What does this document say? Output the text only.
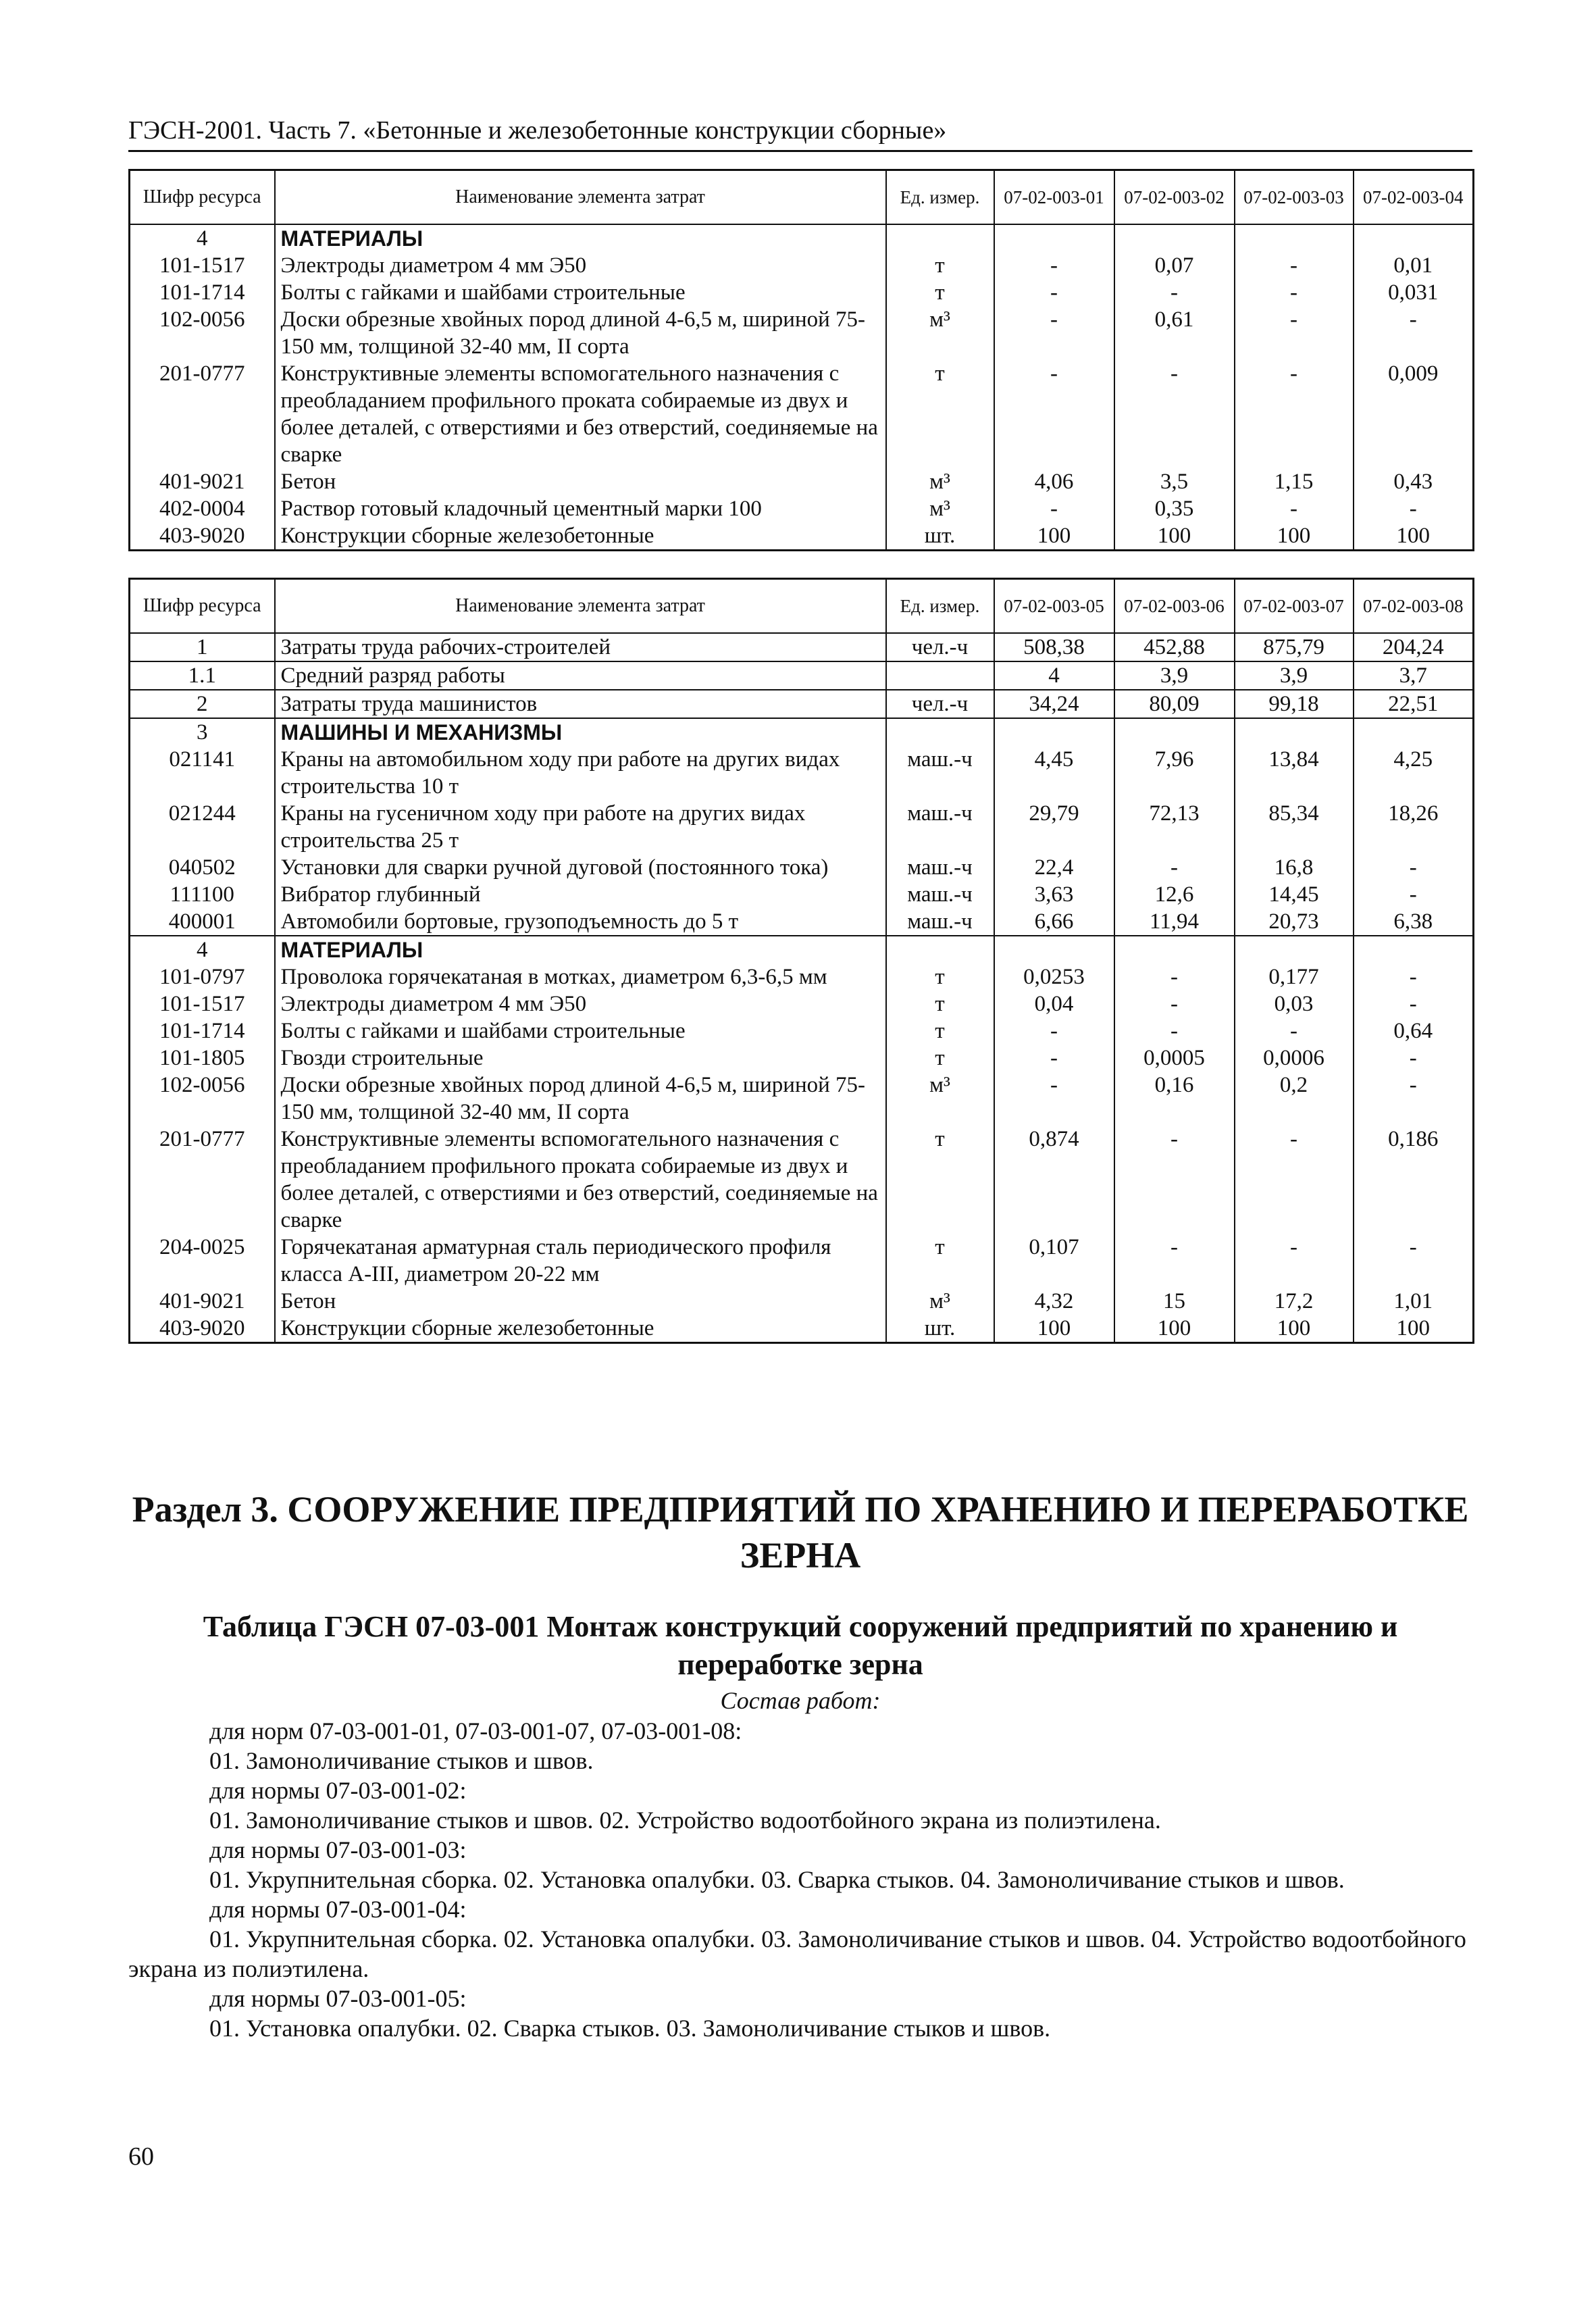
ГЭСН-2001. Часть 7. «Бетонные и железобетонные конструкции сборные»
Шифр ресурса	Наименование элемента затрат	Ед. измер.	07-02-003-01	07-02-003-02	07-02-003-03	07-02-003-04
4	МАТЕРИАЛЫ					
101-1517	Электроды диаметром 4 мм Э50	т	-	0,07	-	0,01
101-1714	Болты с гайками и шайбами строительные	т	-	-	-	0,031
102-0056	Доски обрезные хвойных пород длиной 4-6,5 м, шириной 75-150 мм, толщиной 32-40 мм, II сорта	м³	-	0,61	-	-
201-0777	Конструктивные элементы вспомогательного назначения с преобладанием профильного проката собираемые из двух и более деталей, с отверстиями и без отверстий, соединяемые на сварке	т	-	-	-	0,009
401-9021	Бетон	м³	4,06	3,5	1,15	0,43
402-0004	Раствор готовый кладочный цементный марки 100	м³	-	0,35	-	-
403-9020	Конструкции сборные железобетонные	шт.	100	100	100	100
Шифр ресурса	Наименование элемента затрат	Ед. измер.	07-02-003-05	07-02-003-06	07-02-003-07	07-02-003-08
1	Затраты труда рабочих-строителей	чел.-ч	508,38	452,88	875,79	204,24
1.1	Средний разряд работы		4	3,9	3,9	3,7
2	Затраты труда машинистов	чел.-ч	34,24	80,09	99,18	22,51
3	МАШИНЫ И МЕХАНИЗМЫ					
021141	Краны на автомобильном ходу при работе на других видах строительства 10 т	маш.-ч	4,45	7,96	13,84	4,25
021244	Краны на гусеничном ходу при работе на других видах строительства 25 т	маш.-ч	29,79	72,13	85,34	18,26
040502	Установки для сварки ручной дуговой (постоянного тока)	маш.-ч	22,4	-	16,8	-
111100	Вибратор глубинный	маш.-ч	3,63	12,6	14,45	-
400001	Автомобили бортовые, грузоподъемность до 5 т	маш.-ч	6,66	11,94	20,73	6,38
4	МАТЕРИАЛЫ					
101-0797	Проволока горячекатаная в мотках, диаметром 6,3-6,5 мм	т	0,0253	-	0,177	-
101-1517	Электроды диаметром 4 мм Э50	т	0,04	-	0,03	-
101-1714	Болты с гайками и шайбами строительные	т	-	-	-	0,64
101-1805	Гвозди строительные	т	-	0,0005	0,0006	-
102-0056	Доски обрезные хвойных пород длиной 4-6,5 м, шириной 75-150 мм, толщиной 32-40 мм, II сорта	м³	-	0,16	0,2	-
201-0777	Конструктивные элементы вспомогательного назначения с преобладанием профильного проката собираемые из двух и более деталей, с отверстиями и без отверстий, соединяемые на сварке	т	0,874	-	-	0,186
204-0025	Горячекатаная арматурная сталь периодического профиля класса А-III, диаметром 20-22 мм	т	0,107	-	-	-
401-9021	Бетон	м³	4,32	15	17,2	1,01
403-9020	Конструкции сборные железобетонные	шт.	100	100	100	100
Раздел 3. СООРУЖЕНИЕ ПРЕДПРИЯТИЙ ПО ХРАНЕНИЮ И ПЕРЕРАБОТКЕ ЗЕРНА
Таблица ГЭСН 07-03-001 Монтаж конструкций сооружений предприятий по хранению и переработке зерна
Состав работ:

для норм 07-03-001-01, 07-03-001-07, 07-03-001-08:

01. Замоноличивание стыков и швов.

для нормы 07-03-001-02:

01. Замоноличивание стыков и швов. 02. Устройство водоотбойного экрана из полиэтилена.

для нормы 07-03-001-03:

01. Укрупнительная сборка. 02. Установка опалубки. 03. Сварка стыков. 04. Замоноличивание стыков и швов.

для нормы 07-03-001-04:

01. Укрупнительная сборка. 02. Установка опалубки. 03. Замоноличивание стыков и швов. 04. Устройство водоотбойного экрана из полиэтилена.

для нормы 07-03-001-05:

01. Установка опалубки. 02. Сварка стыков. 03. Замоноличивание стыков и швов.

60
